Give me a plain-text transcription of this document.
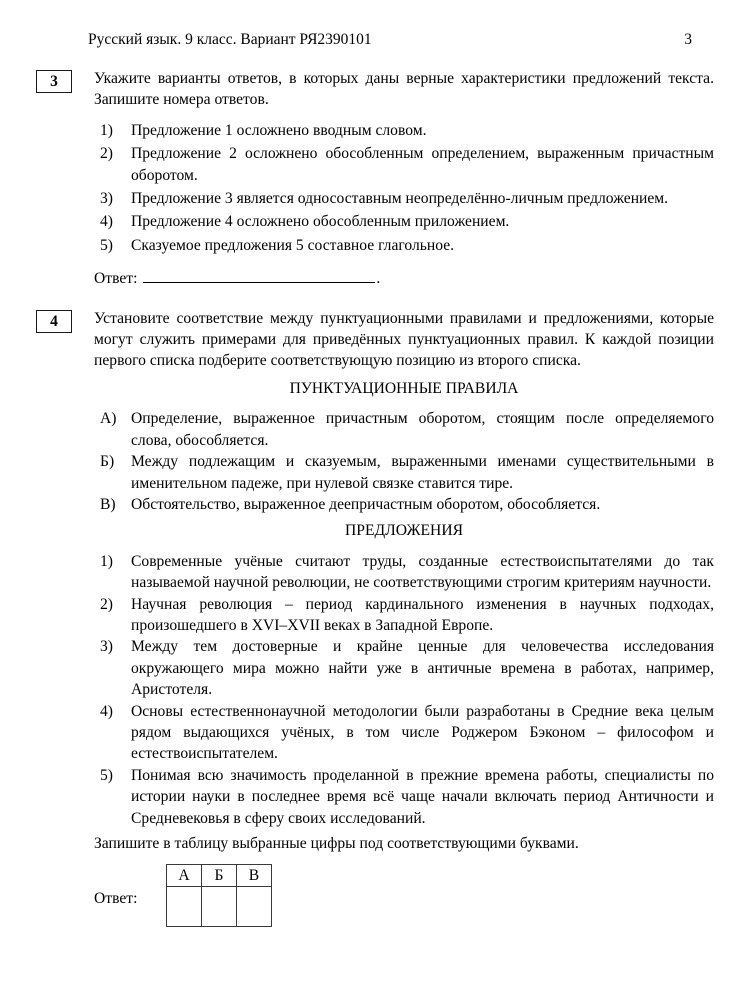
Русский язык. 9 класс. Вариант РЯ2390101	3
3	Укажите варианты ответов, в которых даны верные характеристики предложений текста. Запишите номера ответов.

1)	Предложение 1 осложнено вводным словом.
2)	Предложение 2 осложнено обособленным определением, выраженным причастным оборотом.
3)	Предложение 3 является односоставным неопределённо-личным предложением.
4)	Предложение 4 осложнено обособленным приложением.
5)	Сказуемое предложения 5 составное глагольное.
Ответ:	.
4	Установите соответствие между пунктуационными правилами и предложениями, которые могут служить примерами для приведённых пунктуационных правил. К каждой позиции первого списка подберите соответствующую позицию из второго списка.

ПУНКТУАЦИОННЫЕ ПРАВИЛА
А) Определение, выраженное причастным оборотом, стоящим после определяемого слова, обособляется.
Б)	Между подлежащим и сказуемым, выраженными именами существительными в именительном падеже, при нулевой связке ставится тире.
В) Обстоятельство, выраженное деепричастным оборотом, обособляется.
ПРЕДЛОЖЕНИЯ
1)	Современные учёные считают труды, созданные естествоиспытателями до так называемой научной революции, не соответствующими строгим критериям научности.
2)	Научная революция – период кардинального изменения в научных подходах, произошедшего в XVI–XVII веках в Западной Европе.
3)	Между тем достоверные и крайне ценные для человечества исследования окружающего мира можно найти уже в античные времена в работах, например, Аристотеля.
4)	Основы естественнонаучной методологии были разработаны в Средние века целым рядом выдающихся учёных, в том числе Роджером Бэконом – философом и естествоиспытателем.
5)	Понимая всю значимость проделанной в прежние времена работы, специалисты по истории науки в последнее время всё чаще начали включать период Античности и Средневековья в сферу своих исследований.

Запишите в таблицу выбранные цифры под соответствующими буквами.

Ответ:
А	Б	В
